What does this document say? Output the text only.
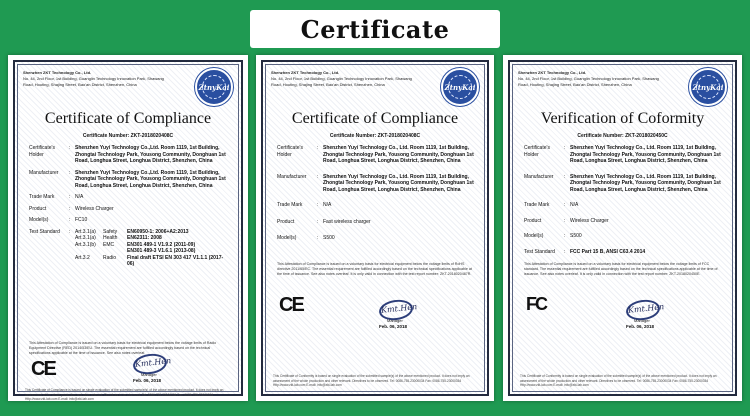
Certificate
Shenzhen ZKT Technology Co., Ltd.
No. 44, 2nd Floor, 1st Building, Guanglin Technology Innovation Park, Shawang Road, Houting, Shajing Street, Bao'an District, Shenzhen, China	ZtnyKai
Certificate of Compliance
Certificate Number: ZKT-2018020408C
Certificate's Holder
: Shenzhen Yuyi Technology Co.,Ltd. Room 1119, 1st Building, Zhongtai Technology Park, Yousong Community, Donghuan 1st Road, Longhua Street, Longhua District, Shenzhen, China
Manufacturer	: Shenzhen Yuyi Technology Co.,Ltd. Room 1119, 1st Building, Zhongtai Technology Park, Yousong Community, Donghuan 1st Road, Longhua Street, Longhua District, Shenzhen, China
Trade Mark	: N/A
Product	: Wireless Charger
Model(s)	: FC10
Test Standard	: Art.3.1(a)	Safety	EN60950-1: 2006+A2:2013
Art.3.1(a)	Health	EN62311: 2008
Art.3.1(b)	EMC	EN301 489-1 V1.9.2 (2011-09)
EN301 489-3 V1.6.1 (2013-08)
Art.3.2	Radio	Final draft ETSI EN 303 417 V1.1.1 (2017-06)
This Attestation of Compliance is issued on a voluntary basis for electrical equipment below the voltage limits of Radio Equipment Directive (RED) 2014/53/EU. The essential requirement are fulfilled accordingly based on the technical specifications applicable at the time of issuance. See also notes overleaf.
CE	Kmt.Hen
Manager
Feb. 06, 2018
This Certificate of Compliance is issued on single evaluation of the submitted sample(s) of the above mentioned product. It does not imply an assessment of the whole production and other relevant. Directives to be observed. Tel: 0086-755-23000034 Fax: 0086-755-23000354 Http://www.zkt-lab.com E-mail: info@zkt-lab.com
Shenzhen ZKT Technology Co., Ltd.
No. 44, 2nd Floor, 1st Building, Guanglin Technology Innovation Park, Shawang Road, Houting, Shajing Street, Bao'an District, Shenzhen, China	ZtnyKai
Certificate of Compliance
Certificate Number: ZKT-2018020408C
Certificate's Holder
: Shenzhen Yuyi Technology Co., Ltd. Room 1119, 1st Building, Zhongtai Technology Park, Yousong Community, Donghuan 1st Road, Longhua Street, Longhua District, Shenzhen, China
Manufacturer	: Shenzhen Yuyi Technology Co., Ltd. Room 1119, 1st Building, Zhongtai Technology Park, Yousong Community, Donghuan 1st Road, Longhua Street, Longhua District, Shenzhen, China
Trade Mark	: N/A
Product	: Fast wireless charger
Model(s)	: S500
This Attestation of Compliance is issued on a voluntary basis for electrical equipment below the voltage limits of RoHS directive 2011/65/EC. The essential requirement are fulfilled accordingly based on the technical specifications applicable at the time of issuance. See also notes overleaf. It is only valid in connection with the test report number: ZKT-2018020487R.
CE	Kmt.Hen
Manager
Feb. 06, 2018
This Certificate of Conformity is based on single evaluation of the submitted sample(s) of the above mentioned product. It does not imply an assessment of the whole production and other relevant. Directives to be observed. Tel: 0086-755-23000034 Fax: 0086-755-23000354 Http://www.zkt-lab.com E-mail: info@zkt-lab.com
Shenzhen ZKT Technology Co., Ltd.
No. 44, 2nd Floor, 1st Building, Guanglin Technology Innovation Park, Shawang Road, Houting, Shajing Street, Bao'an District, Shenzhen, China	ZtnyKai
Verification of Coformity
Certificate Number: ZKT-2018020450C
Certificate's Holder
: Shenzhen Yuyi Technology Co., Ltd. Room 1119, 1st Building, Zhongtai Technology Park, Yousong Community, Donghuan 1st Road, Longhua Street, Longhua District, Shenzhen, China
Manufacturer	: Shenzhen Yuyi Technology Co., Ltd. Room 1119, 1st Building, Zhongtai Technology Park, Yousong Community, Donghuan 1st Road, Longhua Street, Longhua District, Shenzhen, China
Trade Mark	: N/A
Product	: Wireless Charger
Model(s)	: S500
Test Standard	: FCC Part 15 B, ANSI C63.4 2014
This Attestation of Compliance is issued on a voluntary basis for electrical equipment below the voltage limits of FCC standard. The essential requirement are fulfilled accordingly based on the technical specifications applicable at the time of issuance. See also notes overleaf. It is only valid in connection with the test report number: ZKT-2018020450E.
FC	Kmt.Hen
Manager
Feb. 06, 2018
This Certificate of Conformity is based on single evaluation of the submitted sample(s) of the above mentioned product. It does not imply an assessment of the whole production and other relevant. Directives to be observed. Tel: 0086-755-23000034 Fax: 0086-755-23000354 Http://www.zkt-lab.com E-mail: info@zkt-lab.com
